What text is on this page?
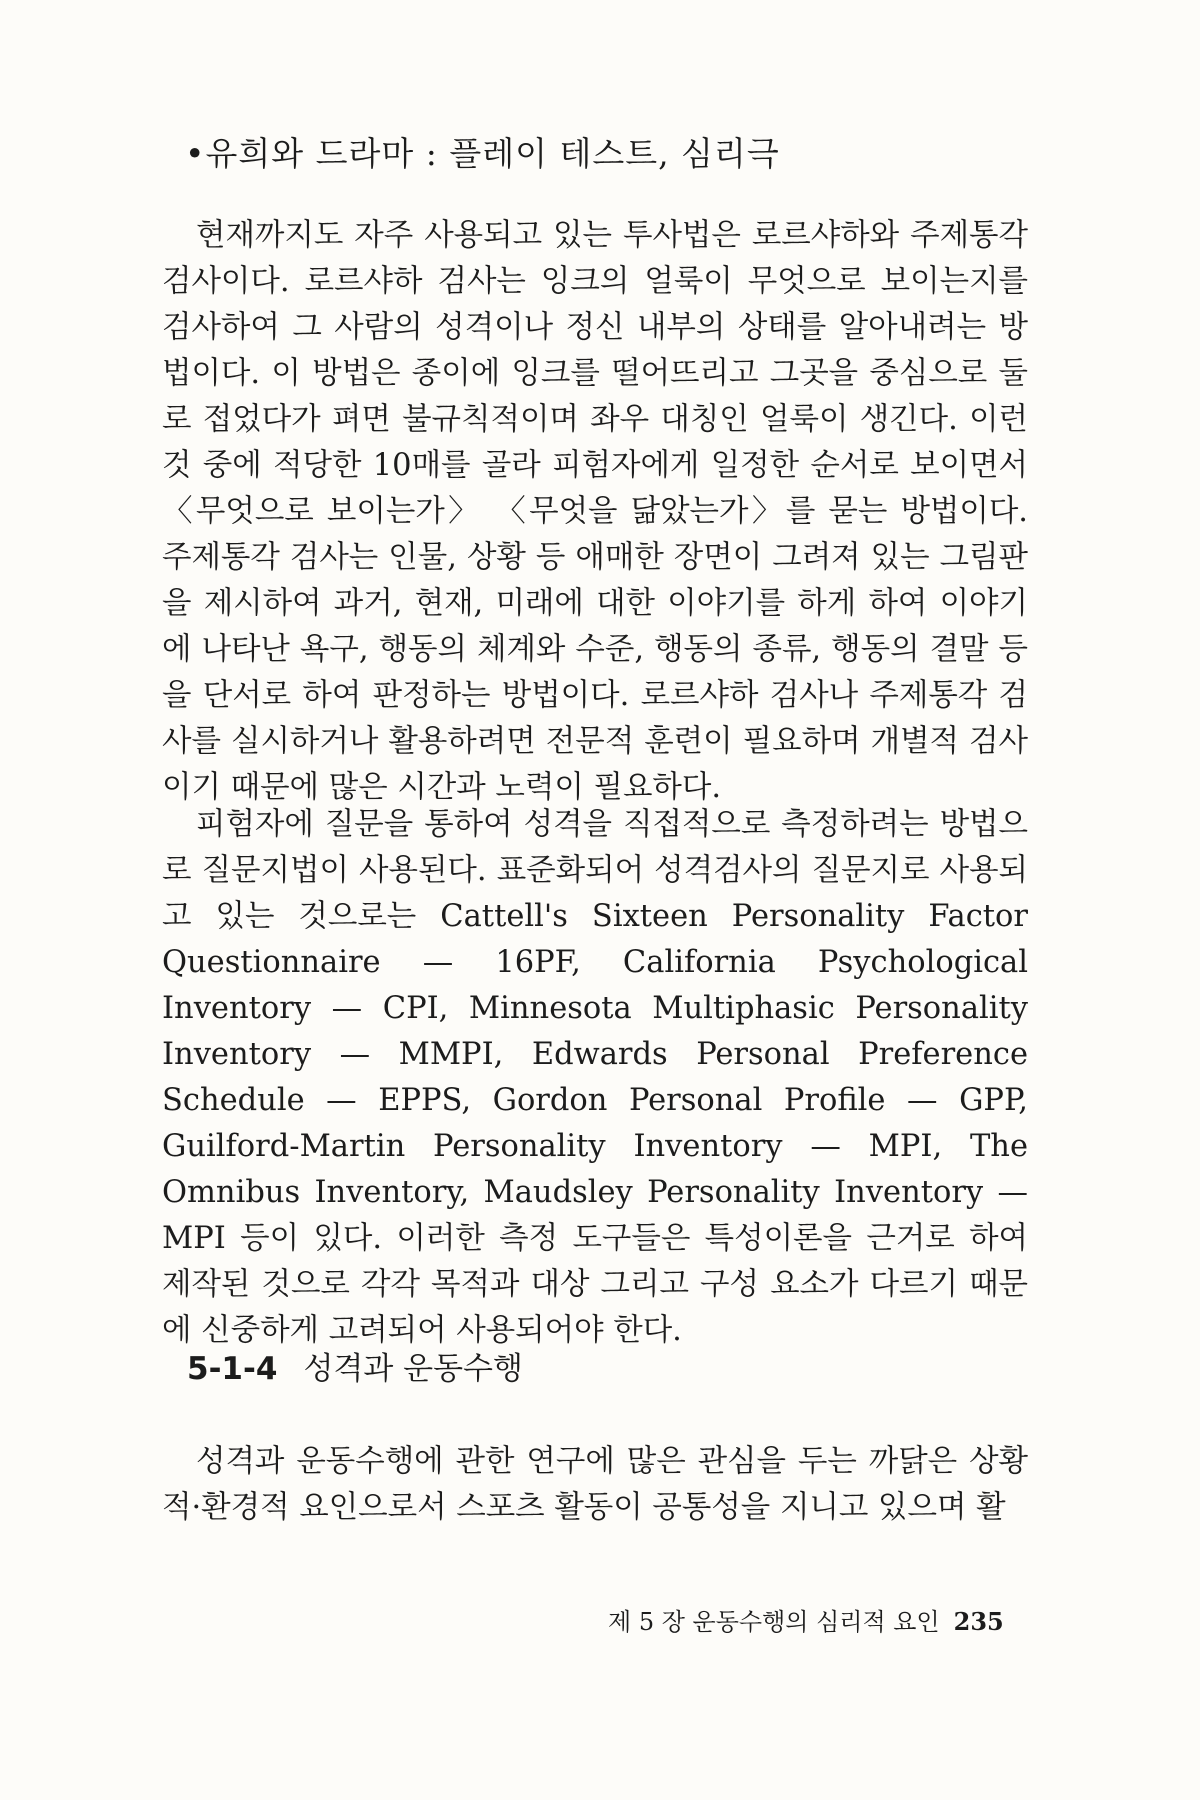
•유희와 드라마 : 플레이 테스트, 심리극

현재까지도 자주 사용되고 있는 투사법은 로르샤하와 주제통각검사이다. 로르샤하 검사는 잉크의 얼룩이 무엇으로 보이는지를 검사하여 그 사람의 성격이나 정신 내부의 상태를 알아내려는 방법이다. 이 방법은 종이에 잉크를 떨어뜨리고 그곳을 중심으로 둘로 접었다가 펴면 불규칙적이며 좌우 대칭인 얼룩이 생긴다. 이런 것 중에 적당한 10매를 골라 피험자에게 일정한 순서로 보이면서 〈무엇으로 보이는가〉 〈무엇을 닮았는가〉를 묻는 방법이다. 주제통각 검사는 인물, 상황 등 애매한 장면이 그려져 있는 그림판을 제시하여 과거, 현재, 미래에 대한 이야기를 하게 하여 이야기에 나타난 욕구, 행동의 체계와 수준, 행동의 종류, 행동의 결말 등을 단서로 하여 판정하는 방법이다. 로르샤하 검사나 주제통각 검사를 실시하거나 활용하려면 전문적 훈련이 필요하며 개별적 검사이기 때문에 많은 시간과 노력이 필요하다.

피험자에 질문을 통하여 성격을 직접적으로 측정하려는 방법으로 질문지법이 사용된다. 표준화되어 성격검사의 질문지로 사용되고 있는 것으로는 Cattell's Sixteen Personality Factor Questionnaire — 16PF, California Psychological Inventory — CPI, Minnesota Multiphasic Personality Inventory — MMPI, Edwards Personal Preference Schedule — EPPS, Gordon Personal Profile — GPP, Guilford-Martin Personality Inventory — MPI, The Omnibus Inventory, Maudsley Personality Inventory — MPI 등이 있다. 이러한 측정 도구들은 특성이론을 근거로 하여 제작된 것으로 각각 목적과 대상 그리고 구성 요소가 다르기 때문에 신중하게 고려되어 사용되어야 한다.

5-1-4 성격과 운동수행

성격과 운동수행에 관한 연구에 많은 관심을 두는 까닭은 상황적·환경적 요인으로서 스포츠 활동이 공통성을 지니고 있으며 활

제 5 장 운동수행의 심리적 요인 235
